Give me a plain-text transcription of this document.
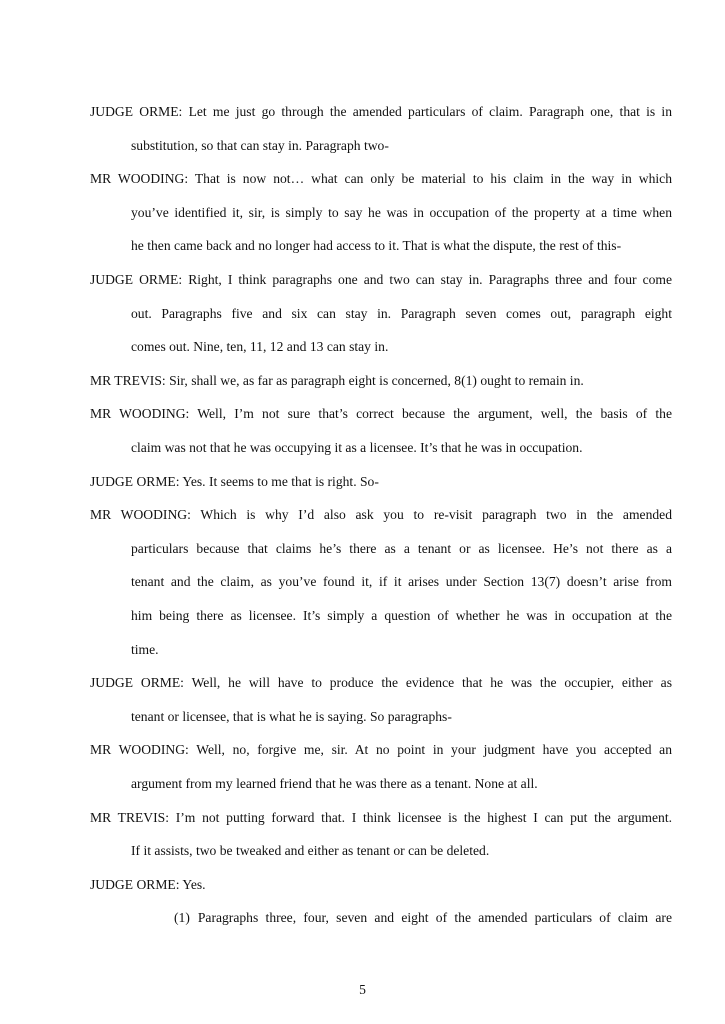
JUDGE ORME: Let me just go through the amended particulars of claim. Paragraph one, that is in
substitution, so that can stay in. Paragraph two-
MR WOODING: That is now not… what can only be material to his claim in the way in which
you’ve identified it, sir, is simply to say he was in occupation of the property at a time when
he then came back and no longer had access to it. That is what the dispute, the rest of this-
JUDGE ORME: Right, I think paragraphs one and two can stay in. Paragraphs three and four come
out. Paragraphs five and six can stay in. Paragraph seven comes out, paragraph eight
comes out. Nine, ten, 11, 12 and 13 can stay in.
MR TREVIS: Sir, shall we, as far as paragraph eight is concerned, 8(1) ought to remain in.
MR WOODING: Well, I’m not sure that’s correct because the argument, well, the basis of the
claim was not that he was occupying it as a licensee. It’s that he was in occupation.
JUDGE ORME: Yes. It seems to me that is right. So-
MR WOODING: Which is why I’d also ask you to re-visit paragraph two in the amended
particulars because that claims he’s there as a tenant or as licensee. He’s not there as a
tenant and the claim, as you’ve found it, if it arises under Section 13(7) doesn’t arise from
him being there as licensee. It’s simply a question of whether he was in occupation at the
time.
JUDGE ORME: Well, he will have to produce the evidence that he was the occupier, either as
tenant or licensee, that is what he is saying. So paragraphs-
MR WOODING: Well, no, forgive me, sir. At no point in your judgment have you accepted an
argument from my learned friend that he was there as a tenant. None at all.
MR TREVIS: I’m not putting forward that. I think licensee is the highest I can put the argument.
If it assists, two be tweaked and either as tenant or can be deleted.
JUDGE ORME: Yes.
(1) Paragraphs three, four, seven and eight of the amended particulars of claim are
5
